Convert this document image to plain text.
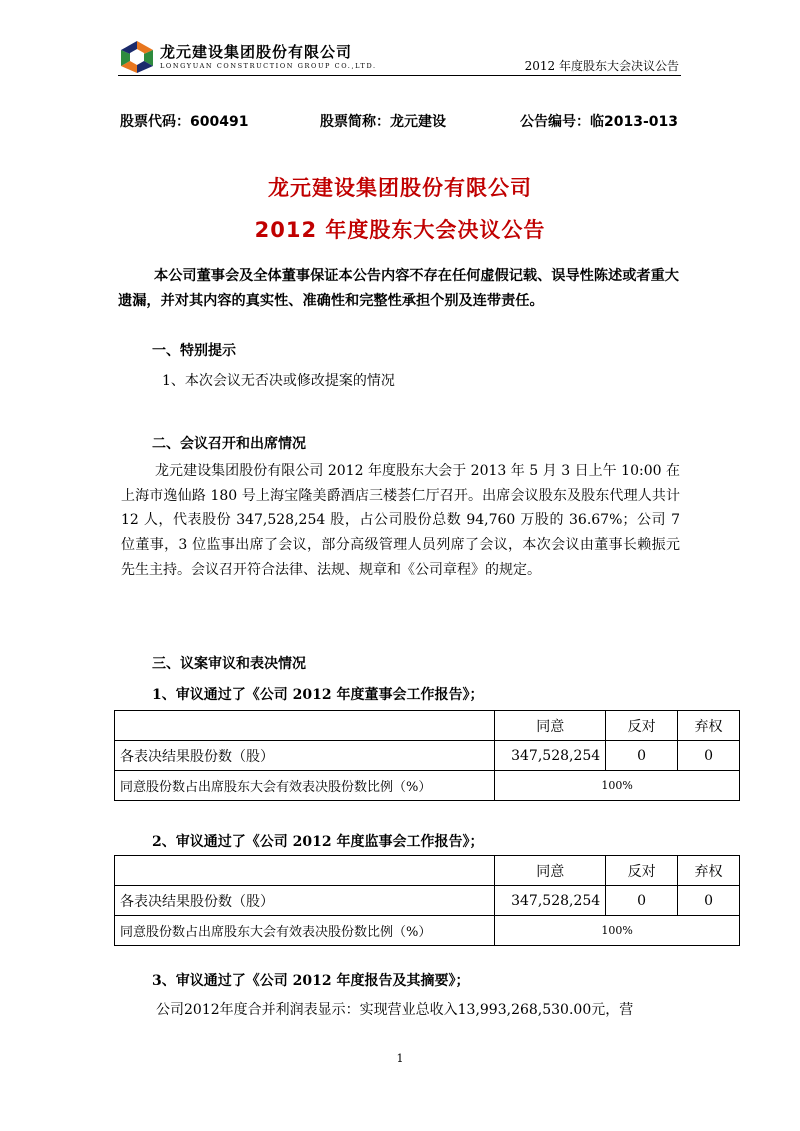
龙元建设集团股份有限公司
LONGYUAN CONSTRUCTION GROUP CO.,LTD.	2012 年度股东大会决议公告
股票代码：600491	股票简称：龙元建设	公告编号：临2013-013
龙元建设集团股份有限公司
2012 年度股东大会决议公告
本公司董事会及全体董事保证本公告内容不存在任何虚假记载、误导性陈述或者重大遗漏，并对其内容的真实性、准确性和完整性承担个别及连带责任。
一、特别提示
1、本次会议无否决或修改提案的情况
二、会议召开和出席情况
龙元建设集团股份有限公司 2012 年度股东大会于 2013 年 5 月 3 日上午 10:00 在上海市逸仙路 180 号上海宝隆美爵酒店三楼荟仁厅召开。出席会议股东及股东代理人共计 12 人，代表股份 347,528,254 股，占公司股份总数 94,760 万股的 36.67%；公司 7 位董事，3 位监事出席了会议，部分高级管理人员列席了会议，本次会议由董事长赖振元先生主持。会议召开符合法律、法规、规章和《公司章程》的规定。
三、议案审议和表决情况
1、审议通过了《公司 2012 年度董事会工作报告》；
	同意	反对	弃权
各表决结果股份数（股）	347,528,254	0	0
同意股份数占出席股东大会有效表决股份数比例（%）	100%		
2、审议通过了《公司 2012 年度监事会工作报告》；
	同意	反对	弃权
各表决结果股份数（股）	347,528,254	0	0
同意股份数占出席股东大会有效表决股份数比例（%）	100%		
3、审议通过了《公司 2012 年度报告及其摘要》；
公司2012年度合并利润表显示：实现营业总收入13,993,268,530.00元，营
1
